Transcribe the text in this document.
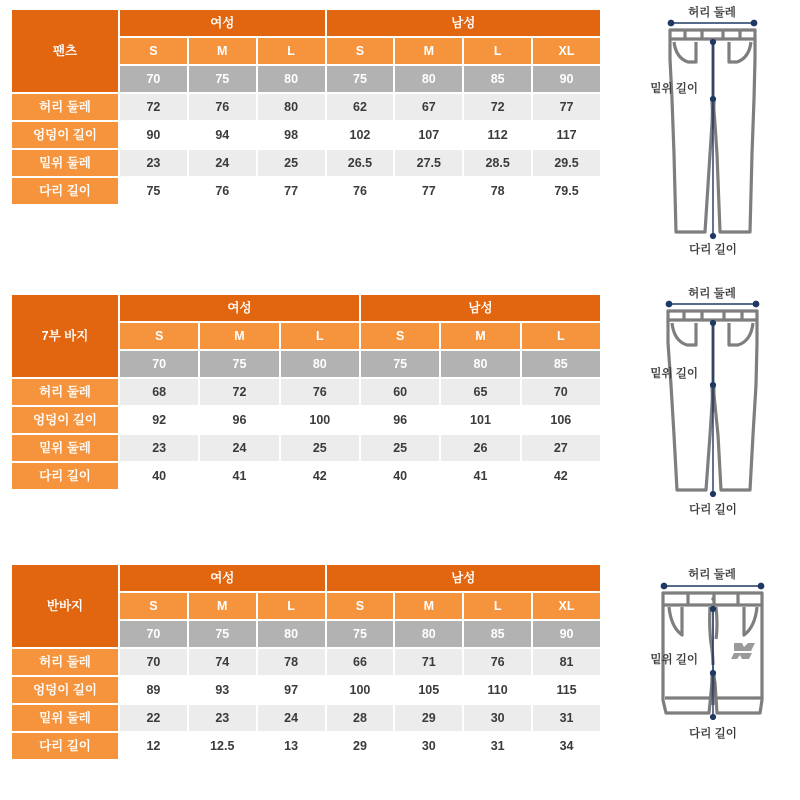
팬츠	여성			남성			
	S	M	L	S	M	L	XL
	70	75	80	75	80	85	90
허리 둘레	72	76	80	62	67	72	77
엉덩이 길이	90	94	98	102	107	112	117
밑위 둘레	23	24	25	26.5	27.5	28.5	29.5
다리 길이	75	76	77	76	77	78	79.5
허리 둘레
밑위 길이
다리 길이
7부 바지	여성			남성		
	S	M	L	S	M	L
	70	75	80	75	80	85
허리 둘레	68	72	76	60	65	70
엉덩이 길이	92	96	100	96	101	106
밑위 둘레	23	24	25	25	26	27
다리 길이	40	41	42	40	41	42
허리 둘레
밑위 길이
다리 길이
반바지	여성			남성			
	S	M	L	S	M	L	XL
	70	75	80	75	80	85	90
허리 둘레	70	74	78	66	71	76	81
엉덩이 길이	89	93	97	100	105	110	115
밑위 둘레	22	23	24	28	29	30	31
다리 길이	12	12.5	13	29	30	31	34
허리 둘레
밑위 길이
다리 길이
